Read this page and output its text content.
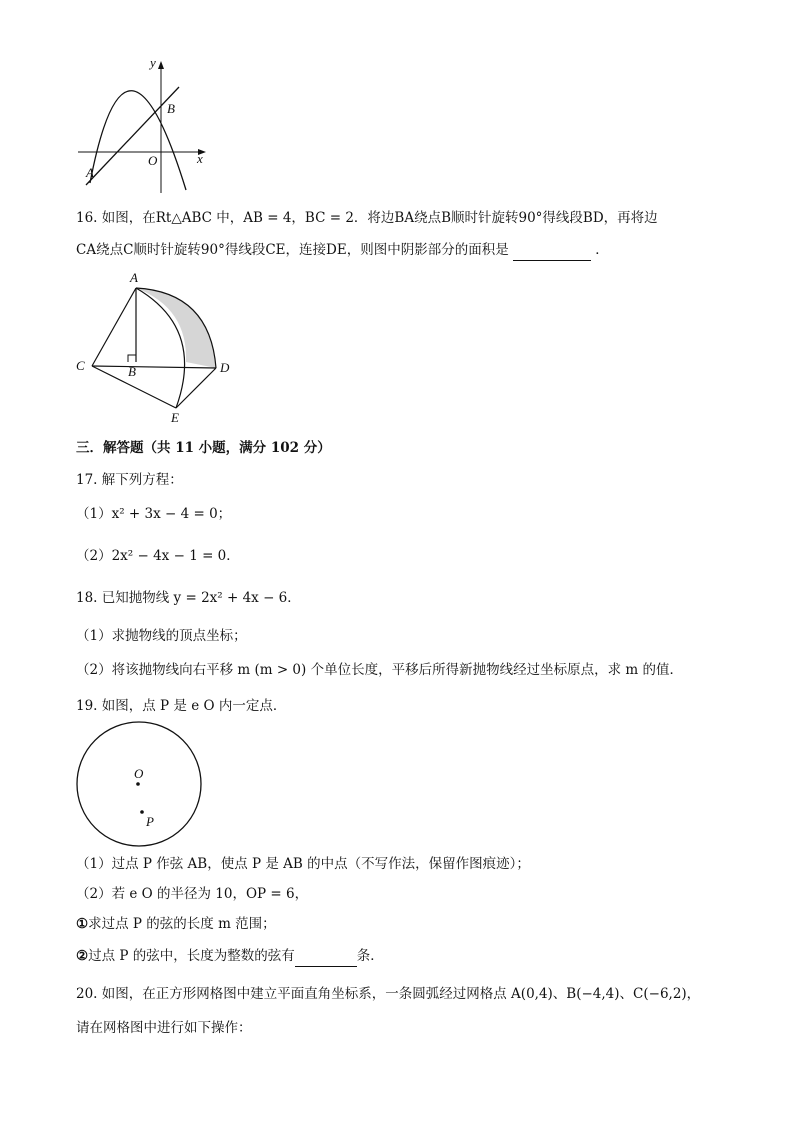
y
x
O
A
B
16. 如图，在Rt△ABC 中，AB = 4，BC = 2．将边BA绕点B顺时针旋转90°得线段BD，再将边
CA绕点C顺时针旋转90°得线段CE，连接DE，则图中阴影部分的面积是	．
A
B
C	D
E
三．解答题（共 11 小题，满分 102 分）
17. 解下列方程：
（1）x² + 3x − 4 = 0；
（2）2x² − 4x − 1 = 0．
18. 已知抛物线 y = 2x² + 4x − 6．
（1）求抛物线的顶点坐标；
（2）将该抛物线向右平移 m (m > 0) 个单位长度，平移后所得新抛物线经过坐标原点，求 m 的值．
19. 如图，点 P 是 e O 内一定点．
O
P
（1）过点 P 作弦 AB，使点 P 是 AB 的中点（不写作法，保留作图痕迹）；
（2）若 e O 的半径为 10，OP = 6，
①求过点 P 的弦的长度 m 范围；
②过点 P 的弦中，长度为整数的弦有	条．
20. 如图，在正方形网格图中建立平面直角坐标系，一条圆弧经过网格点 A(0,4)、B(−4,4)、C(−6,2)，
请在网格图中进行如下操作：
